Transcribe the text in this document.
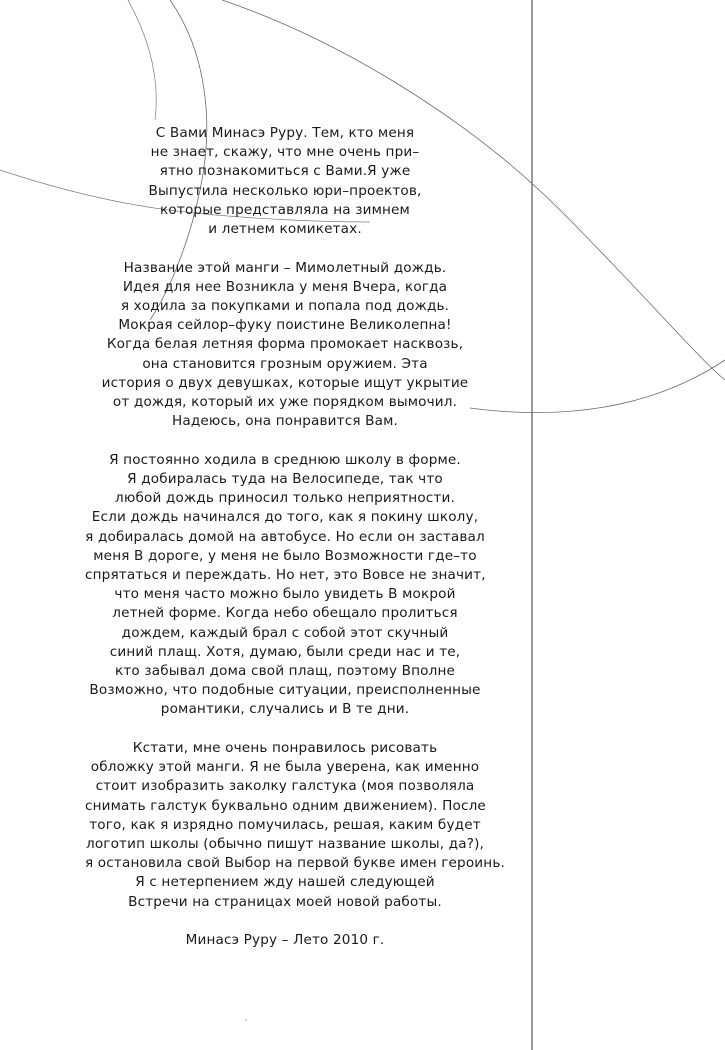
С Вами Минасэ Руру. Тем, кто меня
не знает, скажу, что мне очень при–
ятно познакомиться с Вами.Я уже
Выпустила несколько юри–проектов,
которые представляла на зимнем
и летнем комикетах.

Название этой манги – Мимолетный дождь.
Идея для нее Возникла у меня Вчера, когда
я ходила за покупками и попала под дождь.
Мокрая сейлор–фуку поистине Великолепна!
Когда белая летняя форма промокает насквозь,
она становится грозным оружием. Эта
история о двух девушках, которые ищут укрытие
от дождя, который их уже порядком вымочил.
Надеюсь, она понравится Вам.

Я постоянно ходила в среднюю школу в форме.
Я добиралась туда на Велосипеде, так что
любой дождь приносил только неприятности.
Если дождь начинался до того, как я покину школу,
я добиралась домой на автобусе. Но если он заставал
меня В дороге, у меня не было Возможности где–то
спрятаться и переждать. Но нет, это Вовсе не значит,
что меня часто можно было увидеть В мокрой
летней форме. Когда небо обещало пролиться
дождем, каждый брал с собой этот скучный
синий плащ. Хотя, думаю, были среди нас и те,
кто забывал дома свой плащ, поэтому Вполне
Возможно, что подобные ситуации, преисполненные
романтики, случались и В те дни.

Кстати, мне очень понравилось рисовать
обложку этой манги. Я не была уверена, как именно
стоит изобразить заколку галстука (моя позволяла
снимать галстук буквально одним движением). После
того, как я изрядно помучилась, решая, каким будет
логотип школы (обычно пишут название школы, да?),
я остановила свой Выбор на первой букве имен героинь.
Я с нетерпением жду нашей следующей
Встречи на страницах моей новой работы.

Минасэ Руру – Лето 2010 г.
